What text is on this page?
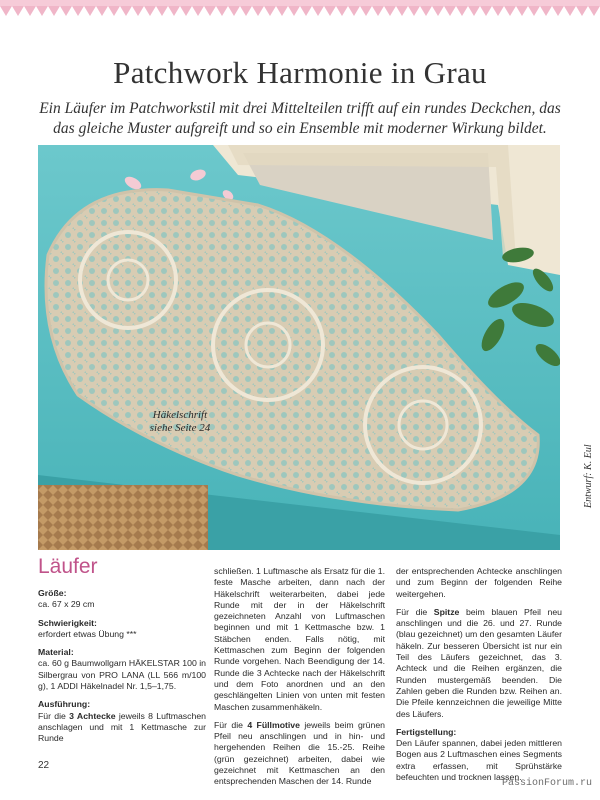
Patchwork Harmonie in Grau
Ein Läufer im Patchworkstil mit drei Mittelteilen trifft auf ein rundes Deckchen, das das gleiche Muster aufgreift und so ein Ensemble mit moderner Wirkung bildet.
Häkelschrift
siehe Seite 24
Entwurf: K. Eul
Läufer

Größe:
ca. 67 x 29 cm

Schwierigkeit:
erfordert etwas Übung ***

Material:
ca. 60 g Baumwollgarn HÄKELSTAR 100 in Silbergrau von PRO LANA (LL 566 m/100 g), 1 ADDI Häkelnadel Nr. 1,5–1,75.

Ausführung:
Für die 3 Achtecke jeweils 8 Luftmaschen anschlagen und mit 1 Kettmasche zur Runde

schließen. 1 Luftmasche als Ersatz für die 1. feste Masche arbeiten, dann nach der Häkelschrift weiterarbeiten, dabei jede Runde mit der in der Häkelschrift gezeichneten Anzahl von Luftmaschen beginnen und mit 1 Kettmasche bzw. 1 Stäbchen enden. Falls nötig, mit Kettmaschen zum Beginn der folgenden Runde vorgehen. Nach Beendigung der 14. Runde die 3 Achtecke nach der Häkelschrift und dem Foto anordnen und an den geschlängelten Linien von unten mit festen Maschen zusammenhäkeln.

Für die 4 Füllmotive jeweils beim grünen Pfeil neu anschlingen und in hin- und hergehenden Reihen die 15.-25. Reihe (grün gezeichnet) arbeiten, dabei wie gezeichnet mit Kettmaschen an den entsprechenden Maschen der 14. Runde

der entsprechenden Achtecke anschlingen und zum Beginn der folgenden Reihe weitergehen.

Für die Spitze beim blauen Pfeil neu anschlingen und die 26. und 27. Runde (blau gezeichnet) um den gesamten Läufer häkeln. Zur besseren Übersicht ist nur ein Teil des Läufers gezeichnet, das 3. Achteck und die Reihen ergänzen, die Runden mustergemäß beenden. Die Zahlen geben die Runden bzw. Reihen an. Die Pfeile kennzeichnen die jeweilige Mitte des Läufers.

Fertigstellung:

Den Läufer spannen, dabei jeden mittleren Bogen aus 2 Luftmaschen eines Segments extra erfassen, mit Sprühstärke befeuchten und trocknen lassen.

22
PassionForum.ru
